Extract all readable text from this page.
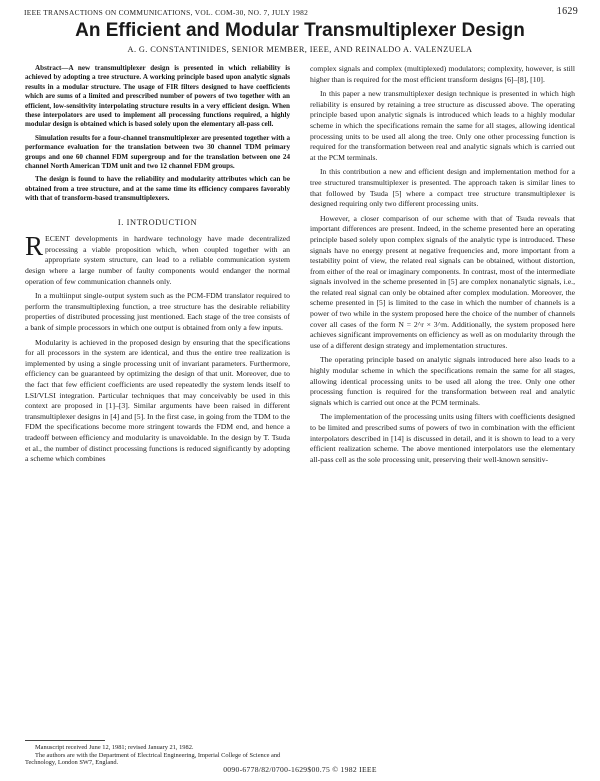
IEEE TRANSACTIONS ON COMMUNICATIONS, VOL. COM-30, NO. 7, JULY 1982	1629
An Efficient and Modular Transmultiplexer Design
A. G. CONSTANTINIDES, SENIOR MEMBER, IEEE, AND REINALDO A. VALENZUELA

Abstract—A new transmultiplexer design is presented in which reliability is achieved by adopting a tree structure. A working principle based upon analytic signals results in a modular structure. The usage of FIR filters designed to have coefficients which are sums of a limited and prescribed number of powers of two together with an efficient, low-sensitivity interpolating structure results in a very efficient design. When these interpolators are used to implement all processing functions required, a highly modular design is obtained which is based solely upon the elementary all-pass cell.

Simulation results for a four-channel transmultiplexer are presented together with a performance evaluation for the translation between two 30 channel TDM primary groups and one 60 channel FDM supergroup and for the translation between one 24 channel North American TDM unit and two 12 channel FDM groups.

The design is found to have the reliability and modularity attributes which can be obtained from a tree structure, and at the same time its efficiency compares favorably with that of transform-based transmultiplexers.

I. INTRODUCTION

RECENT developments in hardware technology have made decentralized processing a viable proposition which, when coupled together with an appropriate system structure, can lead to a reliable communication system design where a large number of faulty components would endanger the normal operation of few communication channels only.

In a multiinput single-output system such as the PCM-FDM translator required to perform the transmultiplexing function, a tree structure has the desirable reliability properties of distributed processing just mentioned. Each stage of the tree consists of a bank of simple processors in which one output is obtained from only a few inputs.

Modularity is achieved in the proposed design by ensuring that the specifications for all processors in the system are identical, and thus the entire tree realization is implemented by using a single processing unit of invariant parameters. Furthermore, efficiency can be guaranteed by optimizing the design of that unit. Moreover, due to the fact that few efficient coefficients are used repeatedly the system lends itself to LSI/VLSI integration. Particular techniques that may conceivably be used in this context are proposed in [1]–[3]. Similar arguments have been raised in different transmultiplexer designs in [4] and [5]. In the first case, in going from the TDM to the FDM the specifications become more stringent towards the FDM end, and hence a tradeoff between efficiency and modularity is unavoidable. In the design by T. Tsuda et al., the number of distinct processing functions is reduced significantly by adopting a scheme which combines

Manuscript received June 12, 1981; revised January 21, 1982.
The authors are with the Department of Electrical Engineering, Imperial College of Science and Technology, London SW7, England.

complex signals and complex (multiplexed) modulators; complexity, however, is still higher than is required for the most efficient transform designs [6]–[8], [10].

In this paper a new transmultiplexer design technique is presented in which high reliability is ensured by retaining a tree structure as discussed above. The operating principle based upon analytic signals is introduced which leads to a highly modular scheme in which the specifications remain the same for all stages, allowing identical processing units to be used all along the tree. Only one other processing function is required for the transformation between real and analytic signals which is carried out at the PCM terminals.

In this contribution a new and efficient design and implementation method for a tree structured transmultiplexer is presented. The approach taken is similar lines to that followed by Tsuda [5] where a compact tree structure transmultiplexer is designed requiring only two different processing units.

However, a closer comparison of our scheme with that of Tsuda reveals that important differences are present. Indeed, in the scheme presented here an operating principle based solely upon complex signals of the analytic type is introduced. These signals have no energy present at negative frequencies and, more important from a testability point of view, the related real signals can be obtained, without distortion, from either of the real or imaginary components. In contrast, most of the intermediate signals involved in the scheme presented in [5] are complex nonanalytic signals, i.e., the related real signal can only be obtained after complex modulation. Moreover, the scheme presented in [5] is limited to the case in which the number of channels is a power of two while in the system proposed here the choice of the number of channels cover all cases of the form N = 2^r × 3^m. Additionally, the system proposed here achieves significant improvements on efficiency as well as on modularity through the use of a different design strategy and implementation structures.

The operating principle based on analytic signals introduced here also leads to a highly modular scheme in which the specifications remain the same for all stages, allowing identical processing units to be used all along the tree. Only one other processing function is required for the transformation between real and analytic signals which is carried out once at the PCM terminals.

The implementation of the processing units using filters with coefficients designed to be limited and prescribed sums of powers of two in combination with the efficient interpolators described in [14] is discussed in detail, and it is shown to lead to a very efficient realization scheme. The above mentioned interpolators use the elementary all-pass cell as the sole processing unit, preserving their well-known sensitiv-

0090-6778/82/0700-1629$00.75 © 1982 IEEE
